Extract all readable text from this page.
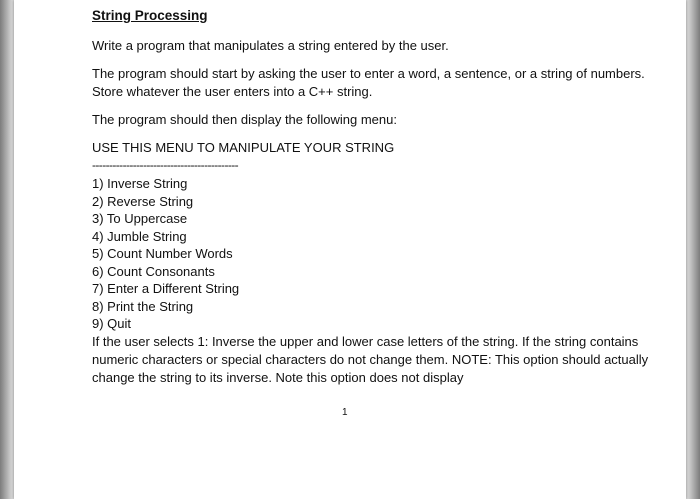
String Processing

Write a program that manipulates a string entered by the user.

The program should start by asking the user to enter a word, a sentence, or a string of numbers. Store whatever the user enters into a C++ string.

The program should then display the following menu:

USE THIS MENU TO MANIPULATE YOUR STRING

-------------------------------------------

1) Inverse String
2) Reverse String
3) To Uppercase
4) Jumble String
5) Count Number Words
6) Count Consonants
7) Enter a Different String
8) Print the String
9) Quit

If the user selects 1: Inverse the upper and lower case letters of the string. If the string contains numeric characters or special characters do not change them. NOTE: This option should actually change the string to its inverse. Note this option does not display

1
